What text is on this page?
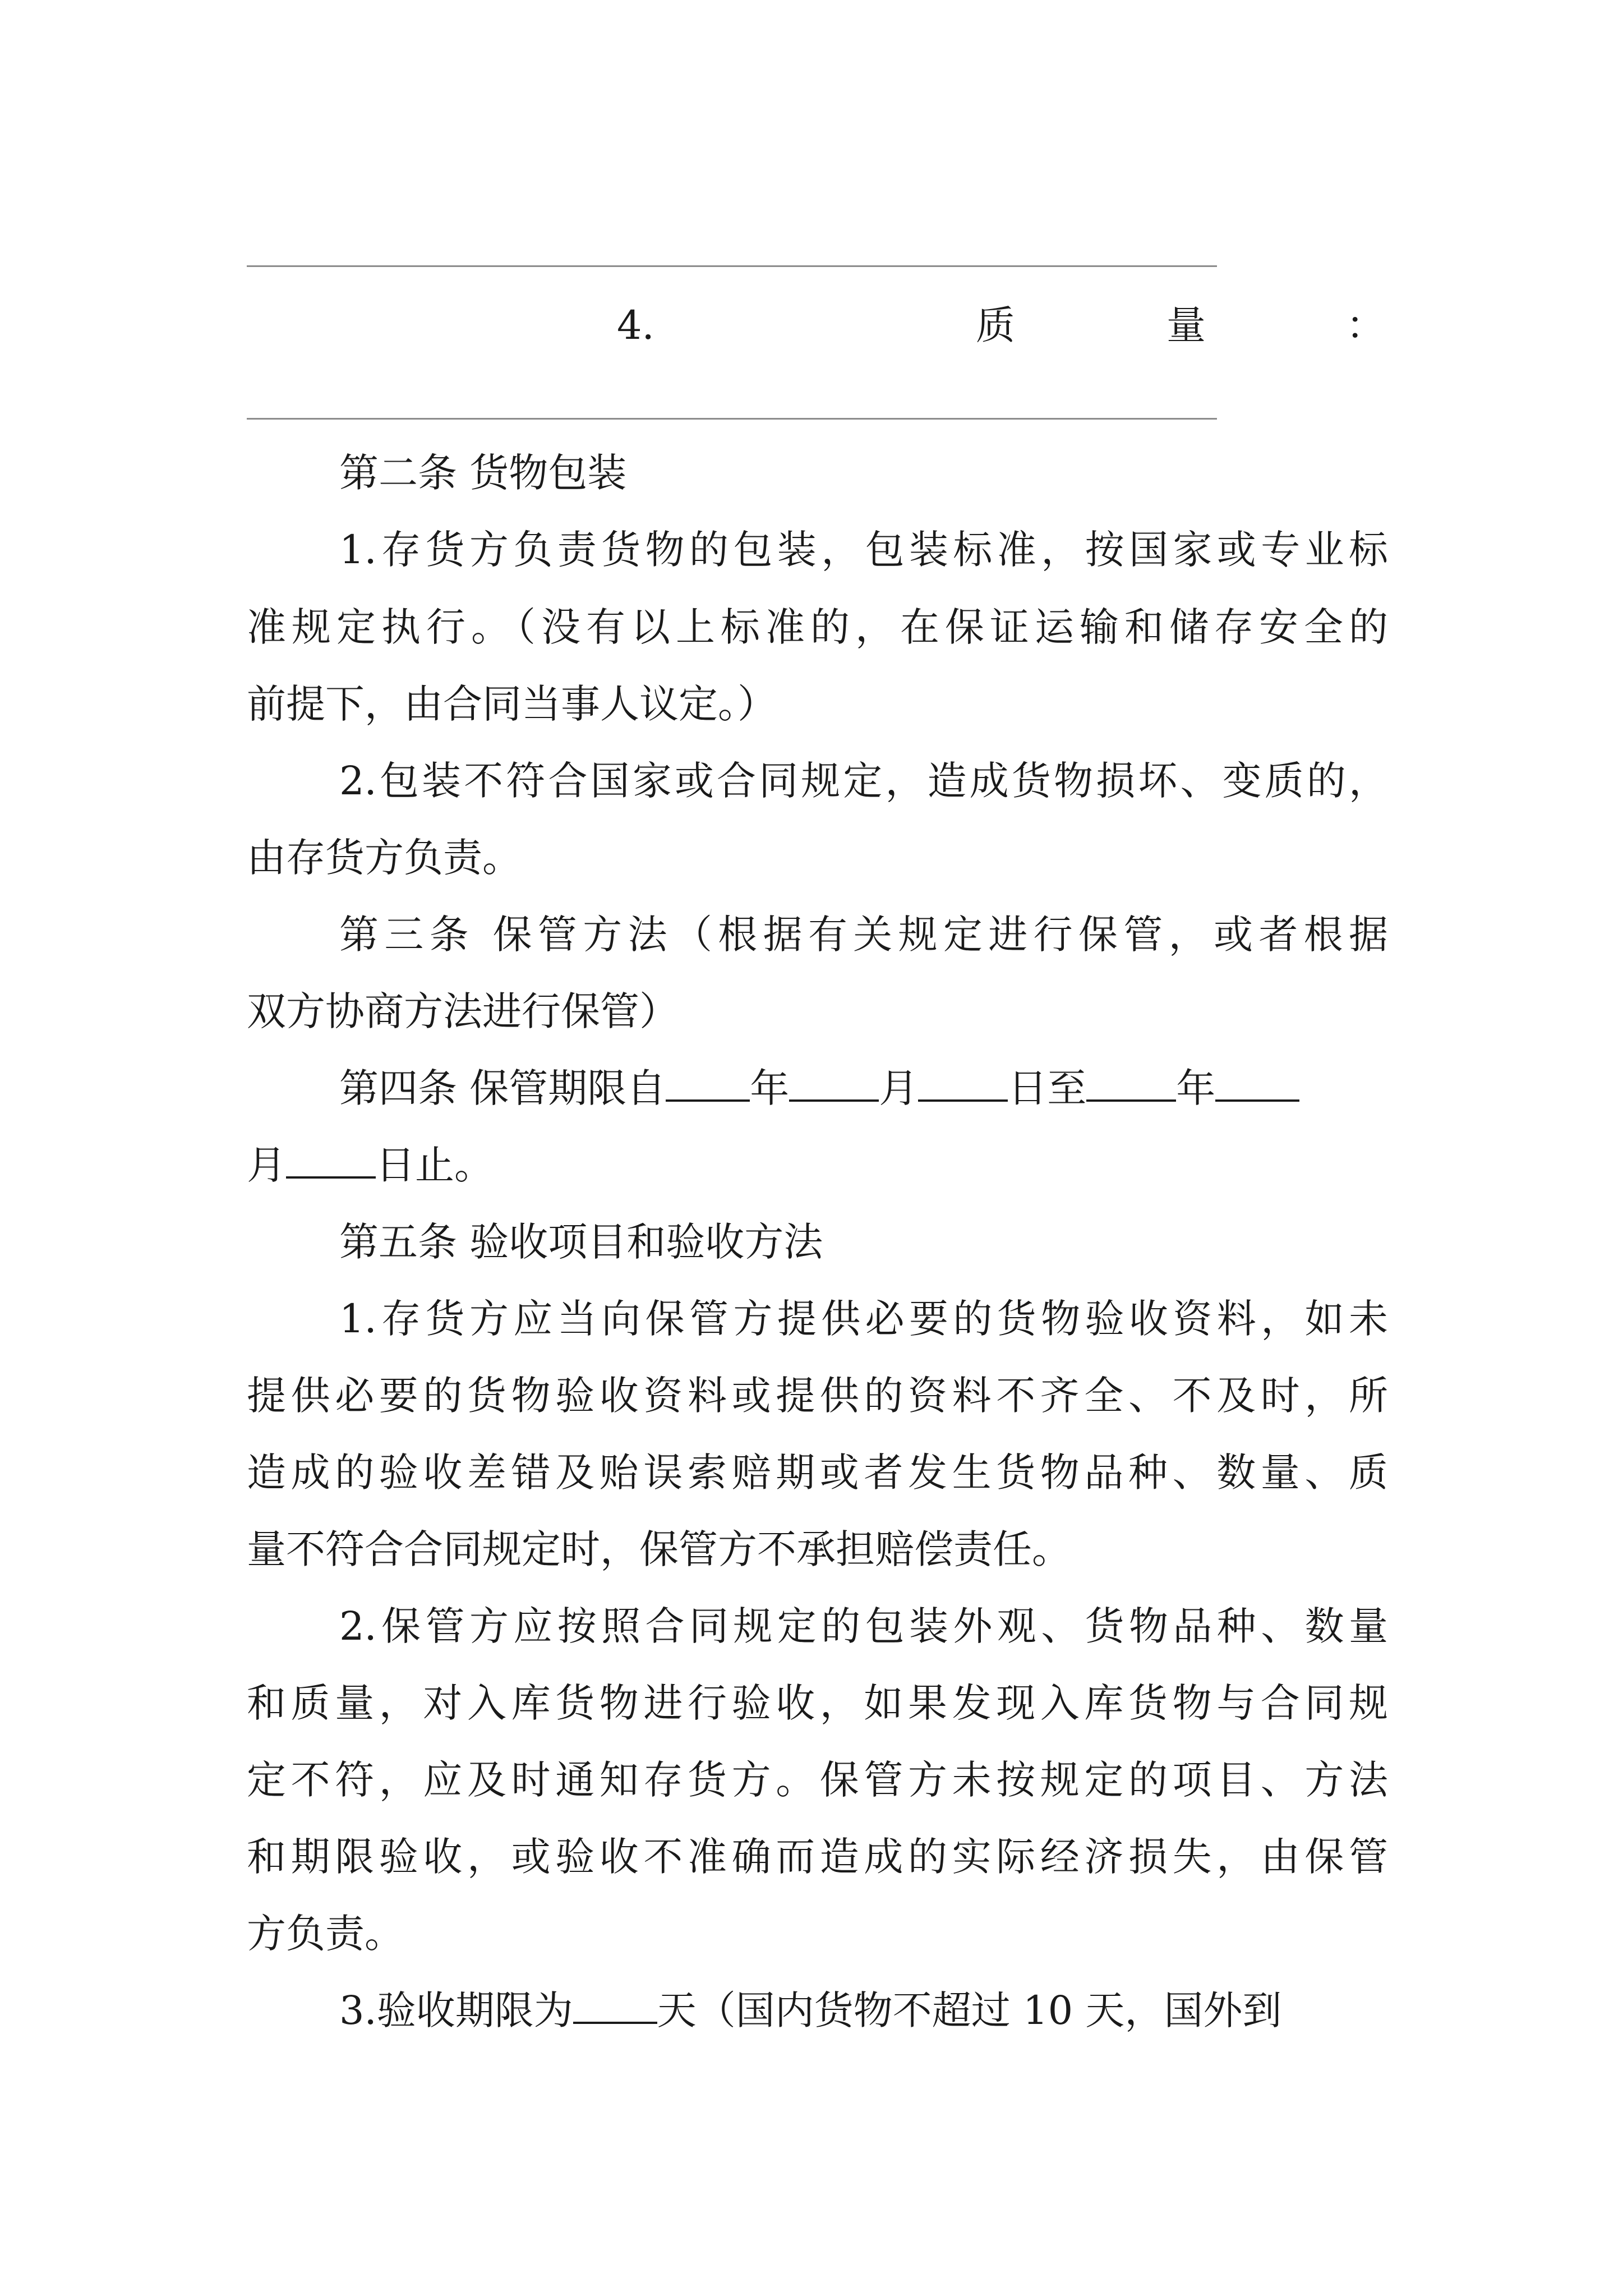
4.	质	量	：
第二条 货物包装
1.存货方负责货物的包装，包装标准，按国家或专业标
准规定执行。（没有以上标准的，在保证运输和储存安全的
前提下，由合同当事人议定。）
2.包装不符合国家或合同规定，造成货物损坏、变质的，
由存货方负责。
第三条 保管方法（根据有关规定进行保管，或者根据
双方协商方法进行保管）
第四条 保管期限自 年 月 日至 年
月 日止。
第五条 验收项目和验收方法
1.存货方应当向保管方提供必要的货物验收资料，如未
提供必要的货物验收资料或提供的资料不齐全、不及时，所
造成的验收差错及贻误索赔期或者发生货物品种、数量、质
量不符合合同规定时，保管方不承担赔偿责任。
2.保管方应按照合同规定的包装外观、货物品种、数量
和质量，对入库货物进行验收，如果发现入库货物与合同规
定不符，应及时通知存货方。保管方未按规定的项目、方法
和期限验收，或验收不准确而造成的实际经济损失，由保管
方负责。
3.验收期限为 天（国内货物不超过 10 天，国外到
